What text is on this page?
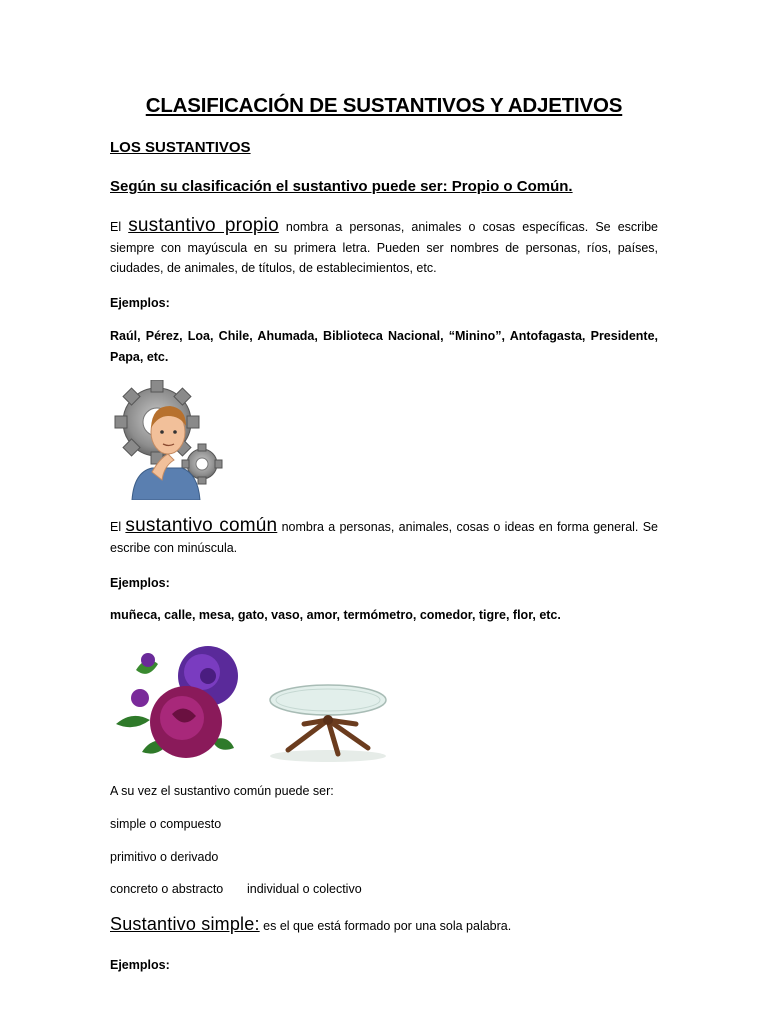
CLASIFICACIÓN DE SUSTANTIVOS Y ADJETIVOS
LOS SUSTANTIVOS
Según su clasificación el sustantivo puede ser: Propio o Común.
El sustantivo propio nombra a personas, animales o cosas específicas. Se escribe siempre con mayúscula en su primera letra. Pueden ser nombres de personas, ríos, países, ciudades, de animales, de títulos, de establecimientos, etc.
Ejemplos:
Raúl, Pérez, Loa, Chile, Ahumada, Biblioteca Nacional, “Minino”, Antofagasta, Presidente, Papa, etc.
El sustantivo común nombra a personas, animales, cosas o ideas en forma general. Se escribe con minúscula.
Ejemplos:
muñeca, calle, mesa, gato, vaso, amor, termómetro, comedor, tigre, flor, etc.
A su vez el sustantivo común puede ser:
simple o compuesto
primitivo o derivado
concreto o abstracto individual o colectivo
Sustantivo simple: es el que está formado por una sola palabra.
Ejemplos:
